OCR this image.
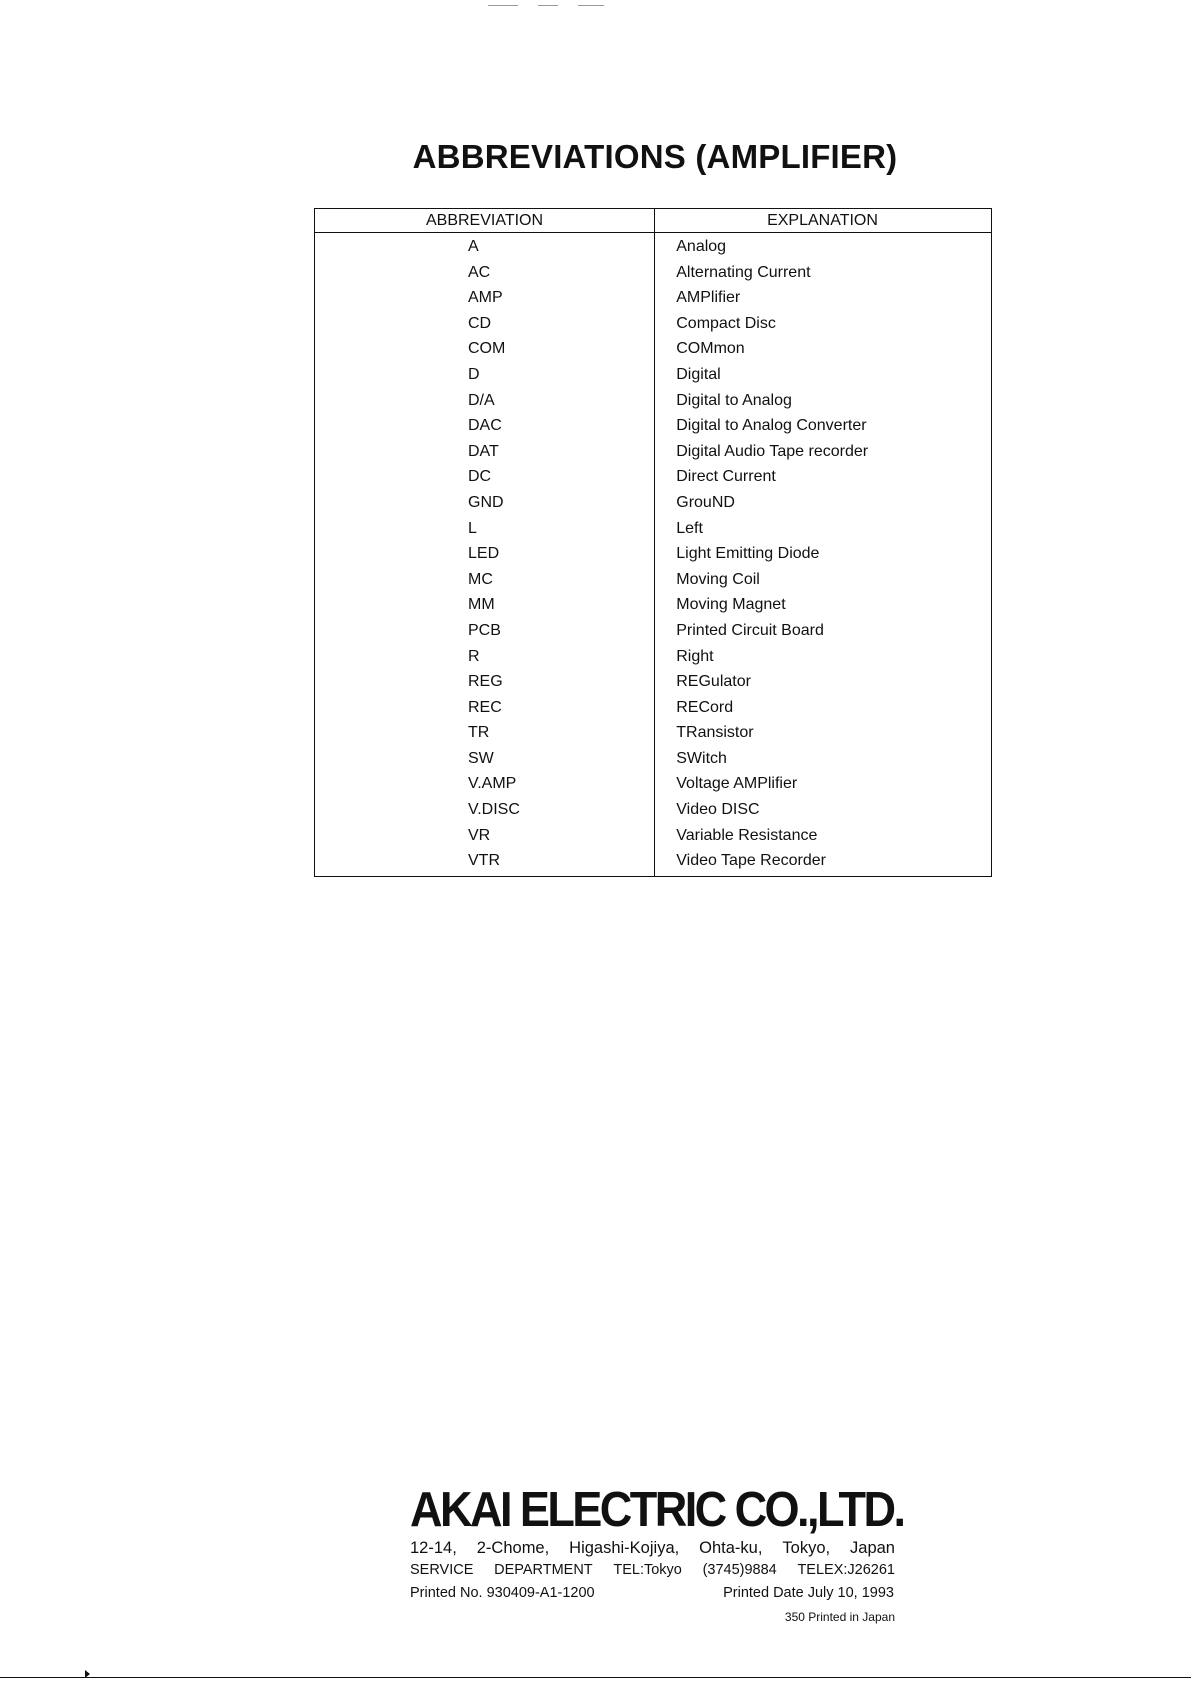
ABBREVIATIONS (AMPLIFIER)
ABBREVIATION	EXPLANATION
A	Analog
AC	Alternating Current
AMP	AMPlifier
CD	Compact Disc
COM	COMmon
D	Digital
D/A	Digital to Analog
DAC	Digital to Analog Converter
DAT	Digital Audio Tape recorder
DC	Direct Current
GND	GrouND
L	Left
LED	Light Emitting Diode
MC	Moving Coil
MM	Moving Magnet
PCB	Printed Circuit Board
R	Right
REG	REGulator
REC	RECord
TR	TRansistor
SW	SWitch
V.AMP	Voltage AMPlifier
V.DISC	Video DISC
VR	Variable Resistance
VTR	Video Tape Recorder
AKAI ELECTRIC CO.,LTD.
12-14, 2-Chome, Higashi-Kojiya, Ohta-ku, Tokyo, Japan
SERVICE DEPARTMENT TEL:Tokyo (3745)9884 TELEX:J26261
Printed No. 930409-A1-1200	Printed Date July 10, 1993
350 Printed in Japan
